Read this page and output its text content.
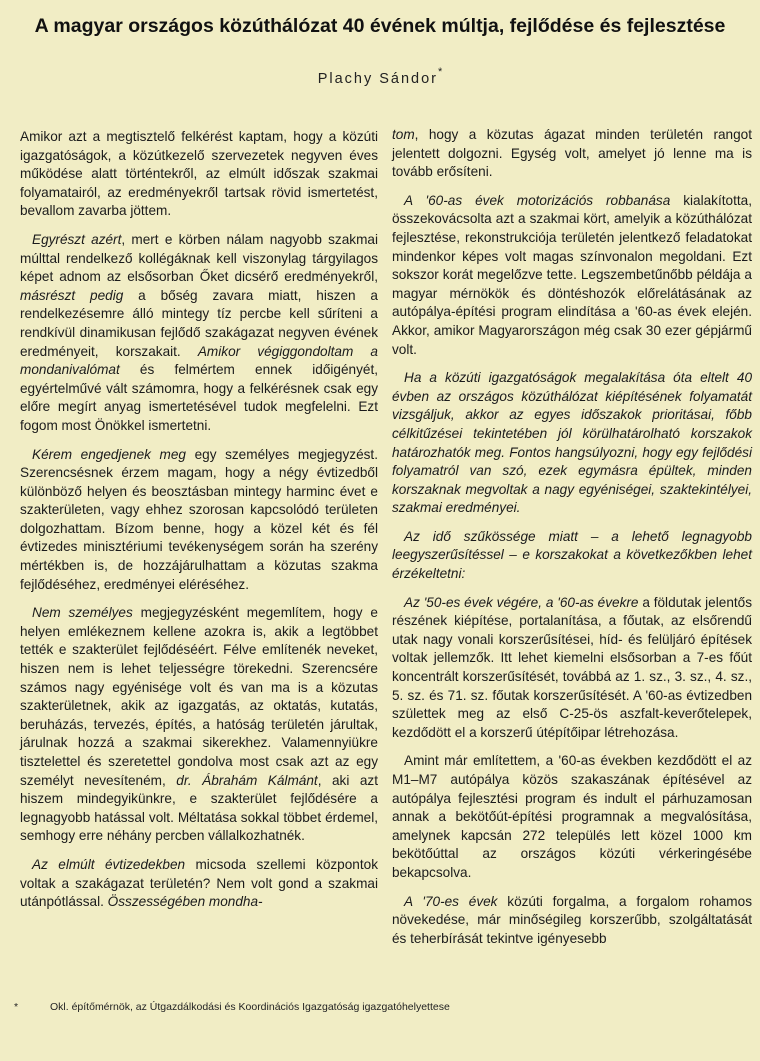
A magyar országos közúthálózat 40 évének múltja, fejlődése és fejlesztése
Plachy Sándor*

Amikor azt a megtisztelő felkérést kaptam, hogy a közúti igazgatóságok, a közútkezelő szervezetek negyven éves működése alatt történtekről, az elmúlt időszak szakmai folyamatairól, az eredményekről tartsak rövid ismertetést, bevallom zavarba jöttem.

Egyrészt azért, mert e körben nálam nagyobb szakmai múlttal rendelkező kollégáknak kell viszonylag tárgyilagos képet adnom az elsősorban Őket dicsérő eredményekről, másrészt pedig a bőség zavara miatt, hiszen a rendelkezésemre álló mintegy tíz percbe kell sűríteni a rendkívül dinamikusan fejlődő szakágazat negyven évének eredményeit, korszakait. Amikor végiggondoltam a mondanivalómat és felmértem ennek időigényét, egyértelművé vált számomra, hogy a felkérésnek csak egy előre megírt anyag ismertetésével tudok megfelelni. Ezt fogom most Önökkel ismertetni.

Kérem engedjenek meg egy személyes megjegyzést. Szerencsésnek érzem magam, hogy a négy évtizedből különböző helyen és beosztásban mintegy harminc évet e szakterületen, vagy ehhez szorosan kapcsolódó területen dolgozhattam. Bízom benne, hogy a közel két és fél évtizedes minisztériumi tevékenységem során ha szerény mértékben is, de hozzájárulhattam a közutas szakma fejlődéséhez, eredményei eléréséhez.

Nem személyes megjegyzésként megemlítem, hogy e helyen emlékeznem kellene azokra is, akik a legtöbbet tették e szakterület fejlődéséért. Félve említenék neveket, hiszen nem is lehet teljességre törekedni. Szerencsére számos nagy egyénisége volt és van ma is a közutas szakterületnek, akik az igazgatás, az oktatás, kutatás, beruházás, tervezés, építés, a hatóság területén járultak, járulnak hozzá a szakmai sikerekhez. Valamennyiükre tisztelettel és szeretettel gondolva most csak azt az egy személyt nevesíteném, dr. Ábrahám Kálmánt, aki azt hiszem mindegyikünkre, e szakterület fejlődésére a legnagyobb hatással volt. Méltatása sokkal többet érdemel, semhogy erre néhány percben vállalkozhatnék.

Az elmúlt évtizedekben micsoda szellemi központok voltak a szakágazat területén? Nem volt gond a szakmai utánpótlással. Összességében mondha-

tom, hogy a közutas ágazat minden területén rangot jelentett dolgozni. Egység volt, amelyet jó lenne ma is tovább erősíteni.

A '60-as évek motorizációs robbanása kialakította, összekovácsolta azt a szakmai kört, amelyik a közúthálózat fejlesztése, rekonstrukciója területén jelentkező feladatokat mindenkor képes volt magas színvonalon megoldani. Ezt sokszor korát megelőzve tette. Legszembetűnőbb példája a magyar mérnökök és döntéshozók előrelátásának az autópálya-építési program elindítása a '60-as évek elején. Akkor, amikor Magyarországon még csak 30 ezer gépjármű volt.

Ha a közúti igazgatóságok megalakítása óta eltelt 40 évben az országos közúthálózat kiépítésének folyamatát vizsgáljuk, akkor az egyes időszakok prioritásai, főbb célkitűzései tekintetében jól körülhatárolható korszakok határozhatók meg. Fontos hangsúlyozni, hogy egy fejlődési folyamatról van szó, ezek egymásra épültek, minden korszaknak megvoltak a nagy egyéniségei, szaktekintélyei, szakmai eredményei.

Az idő szűkössége miatt – a lehető legnagyobb leegyszerűsítéssel – e korszakokat a következőkben lehet érzékeltetni:

Az '50-es évek végére, a '60-as évekre a földutak jelentős részének kiépítése, portalanítása, a főutak, az elsőrendű utak nagy vonali korszerűsítései, híd- és felüljáró építések voltak jellemzők. Itt lehet kiemelni elsősorban a 7-es főút koncentrált korszerűsítését, továbbá az 1. sz., 3. sz., 4. sz., 5. sz. és 71. sz. főutak korszerűsítését. A '60-as évtizedben születtek meg az első C-25-ös aszfalt-keverőtelepek, kezdődött el a korszerű útépítőipar létrehozása.

Amint már említettem, a '60-as években kezdődött el az M1–M7 autópálya közös szakaszának építésével az autópálya fejlesztési program és indult el párhuzamosan annak a bekötőút-építési programnak a megvalósítása, amelynek kapcsán 272 település lett közel 1000 km bekötőúttal az országos közúti vérkeringésébe bekapcsolva.

A '70-es évek közúti forgalma, a forgalom rohamos növekedése, már minőségileg korszerűbb, szolgáltatását és teherbírását tekintve igényesebb

*	Okl. építőmérnök, az Útgazdálkodási és Koordinációs Igazgatóság igazgatóhelyettese
